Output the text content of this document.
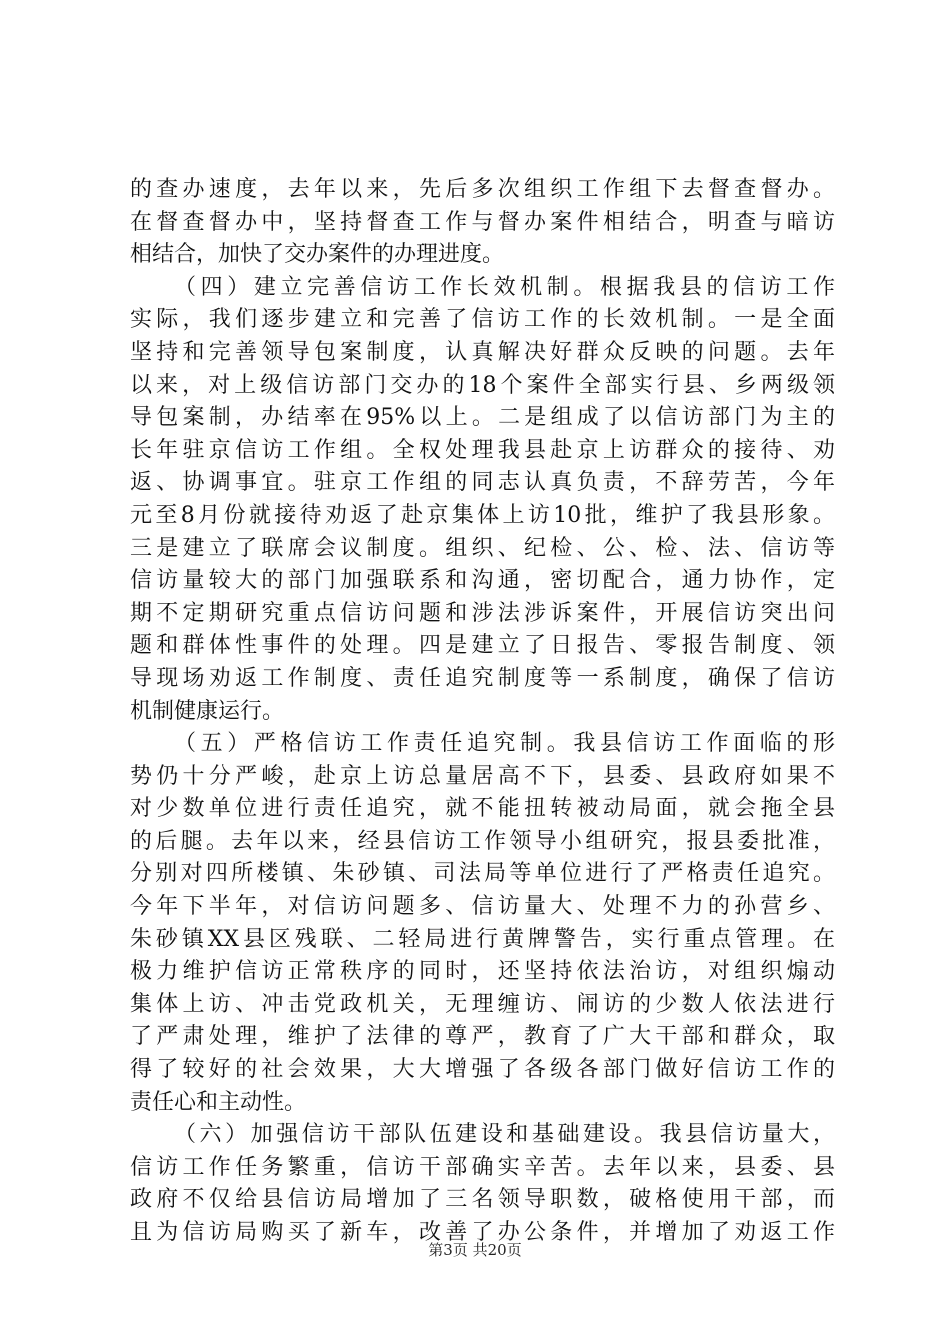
的查办速度，去年以来，先后多次组织工作组下去督查督办。
在督查督办中，坚持督查工作与督办案件相结合，明查与暗访
相结合，加快了交办案件的办理进度。
（四）建立完善信访工作长效机制。根据我县的信访工作
实际，我们逐步建立和完善了信访工作的长效机制。一是全面
坚持和完善领导包案制度，认真解决好群众反映的问题。去年
以来，对上级信访部门交办的18个案件全部实行县、乡两级领
导包案制，办结率在95%以上。二是组成了以信访部门为主的
长年驻京信访工作组。全权处理我县赴京上访群众的接待、劝
返、协调事宜。驻京工作组的同志认真负责，不辞劳苦，今年
元至8月份就接待劝返了赴京集体上访10批，维护了我县形象。
三是建立了联席会议制度。组织、纪检、公、检、法、信访等
信访量较大的部门加强联系和沟通，密切配合，通力协作，定
期不定期研究重点信访问题和涉法涉诉案件，开展信访突出问
题和群体性事件的处理。四是建立了日报告、零报告制度、领
导现场劝返工作制度、责任追究制度等一系制度，确保了信访
机制健康运行。
（五）严格信访工作责任追究制。我县信访工作面临的形
势仍十分严峻，赴京上访总量居高不下，县委、县政府如果不
对少数单位进行责任追究，就不能扭转被动局面，就会拖全县
的后腿。去年以来，经县信访工作领导小组研究，报县委批准，
分别对四所楼镇、朱砂镇、司法局等单位进行了严格责任追究。
今年下半年，对信访问题多、信访量大、处理不力的孙营乡、
朱砂镇XX县区残联、二轻局进行黄牌警告，实行重点管理。在
极力维护信访正常秩序的同时，还坚持依法治访，对组织煽动
集体上访、冲击党政机关，无理缠访、闹访的少数人依法进行
了严肃处理，维护了法律的尊严，教育了广大干部和群众，取
得了较好的社会效果，大大增强了各级各部门做好信访工作的
责任心和主动性。
（六）加强信访干部队伍建设和基础建设。我县信访量大，
信访工作任务繁重，信访干部确实辛苦。去年以来，县委、县
政府不仅给县信访局增加了三名领导职数，破格使用干部，而
且为信访局购买了新车，改善了办公条件，并增加了劝返工作
第3页 共20页
